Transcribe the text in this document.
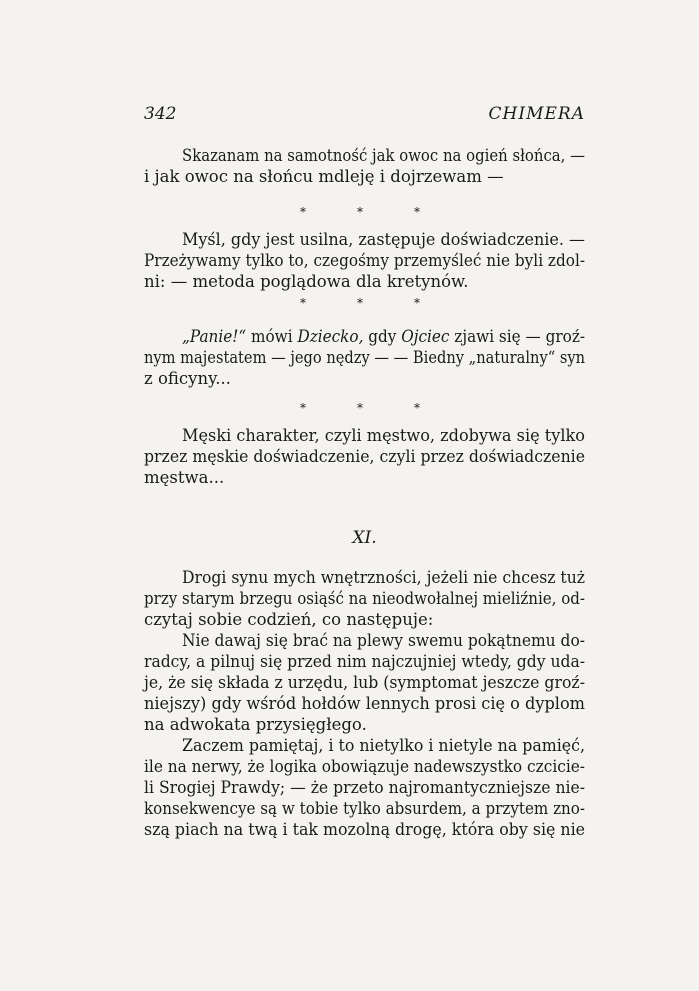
342	CHIMERA
Skazanam na samotność jak owoc na ogień słońca, —
i jak owoc na słońcu mdleję i dojrzewam —
*	*	*
Myśl, gdy jest usilna, zastępuje doświadczenie. —
Przeżywamy tylko to, czegośmy przemyśleć nie byli zdol-
ni: — metoda poglądowa dla kretynów.
*	*	*
„Panie!“ mówi Dziecko, gdy Ojciec zjawi się — groź-
nym majestatem — jego nędzy — — Biedny „naturalny“ syn
z oficyny...
*	*	*
Męski charakter, czyli męstwo, zdobywa się tylko
przez męskie doświadczenie, czyli przez doświadczenie
męstwa...
XI.
Drogi synu mych wnętrzności, jeżeli nie chcesz tuż
przy starym brzegu osiąść na nieodwołalnej mieliźnie, od-
czytaj sobie codzień, co następuje:
Nie dawaj się brać na plewy swemu pokątnemu do-
radcy, a pilnuj się przed nim najczujniej wtedy, gdy uda-
je, że się składa z urzędu, lub (symptomat jeszcze groź-
niejszy) gdy wśród hołdów lennych prosi cię o dyplom
na adwokata przysięgłego.
Zaczem pamiętaj, i to nietylko i nietyle na pamięć,
ile na nerwy, że logika obowiązuje nadewszystko czcicie-
li Srogiej Prawdy; — że przeto najromantyczniejsze nie-
konsekwencye są w tobie tylko absurdem, a przytem zno-
szą piach na twą i tak mozolną drogę, która oby się nie
